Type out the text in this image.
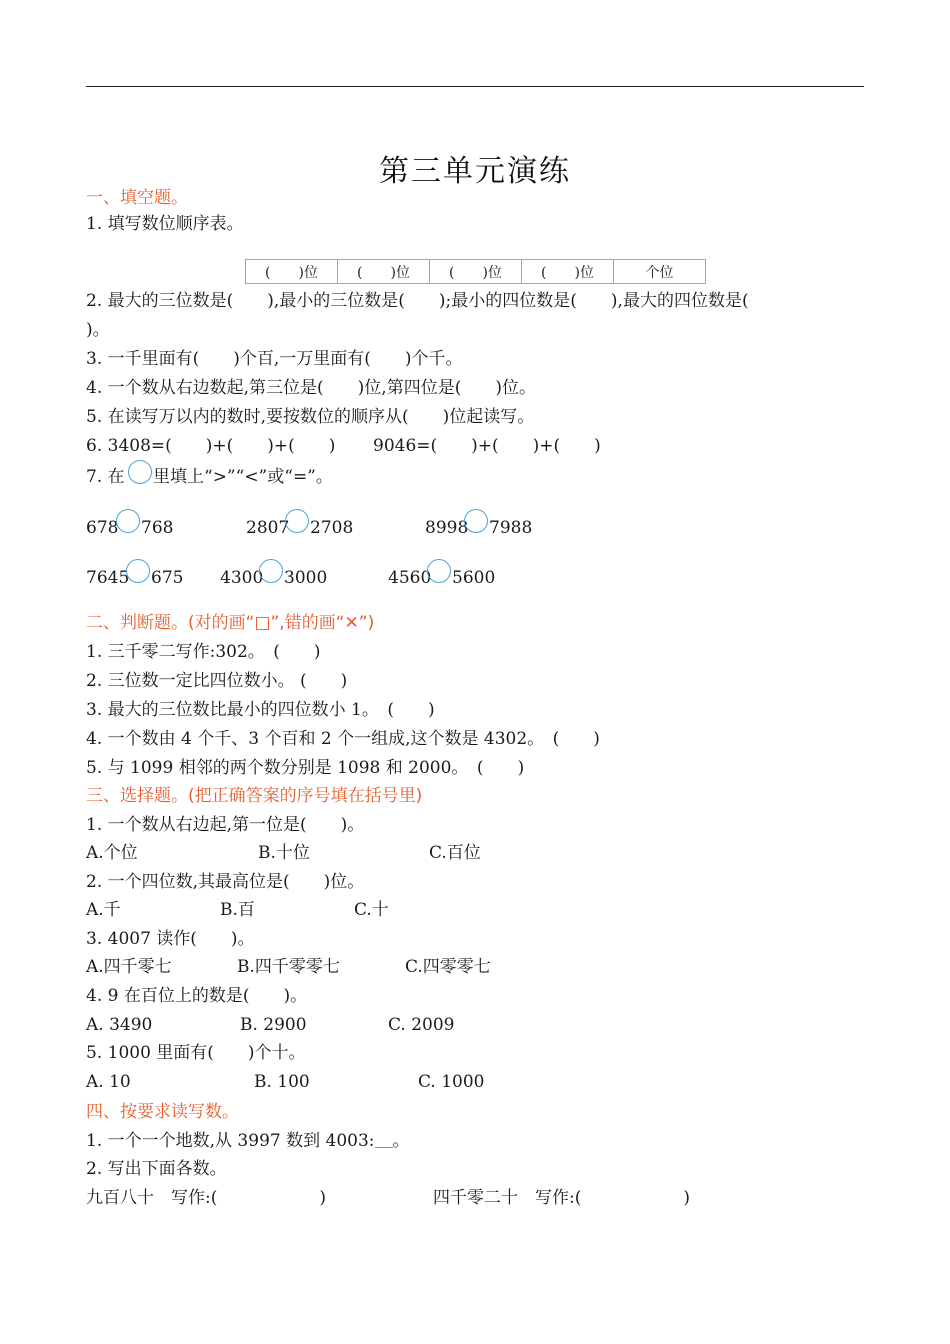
第三单元演练
一、填空题。
1. 填写数位顺序表。
(　　)位	(　　)位	(　　)位	(　　)位	个位
2. 最大的三位数是(　　),最小的三位数是(　　);最小的四位数是(　　),最大的四位数是(
)。
3. 一千里面有(　　)个百,一万里面有(　　)个千。
4. 一个数从右边数起,第三位是(　　)位,第四位是(　　)位。
5. 在读写万以内的数时,要按数位的顺序从(　　)位起读写。
6. 3408=(　　)+(　　)+(　　) 9046=(　　)+(　　)+(　　)
7. 在 里填上“>”“<”或“=”。
678 768	2807 2708	8998 7988
7645 675 4300 3000	4560 5600
二、判断题。(对的画“□”,错的画“✕”)
1. 三千零二写作:302。　(　　)
2. 三位数一定比四位数小。 (　　)
3. 最大的三位数比最小的四位数小 1。　(　　)
4. 一个数由 4 个千、3 个百和 2 个一组成,这个数是 4302。　(　　)
5. 与 1099 相邻的两个数分别是 1098 和 2000。　(　　)
三、选择题。(把正确答案的序号填在括号里)
1. 一个数从右边起,第一位是(　　)。
A.个位	B.十位	C.百位
2. 一个四位数,其最高位是(　　)位。
A.千	B.百	C.十
3. 4007 读作(　　)。
A.四千零七	B.四千零零七	C.四零零七
4. 9 在百位上的数是(　　)。
A. 3490	B. 2900	C. 2009
5. 1000 里面有(　　)个十。
A. 10	B. 100	C. 1000
四、按要求读写数。
1. 一个一个地数,从 3997 数到 4003: 。
2. 写出下面各数。
九百八十　写作:(　　　　　　)	四千零二十　写作:(　　　　　　)
